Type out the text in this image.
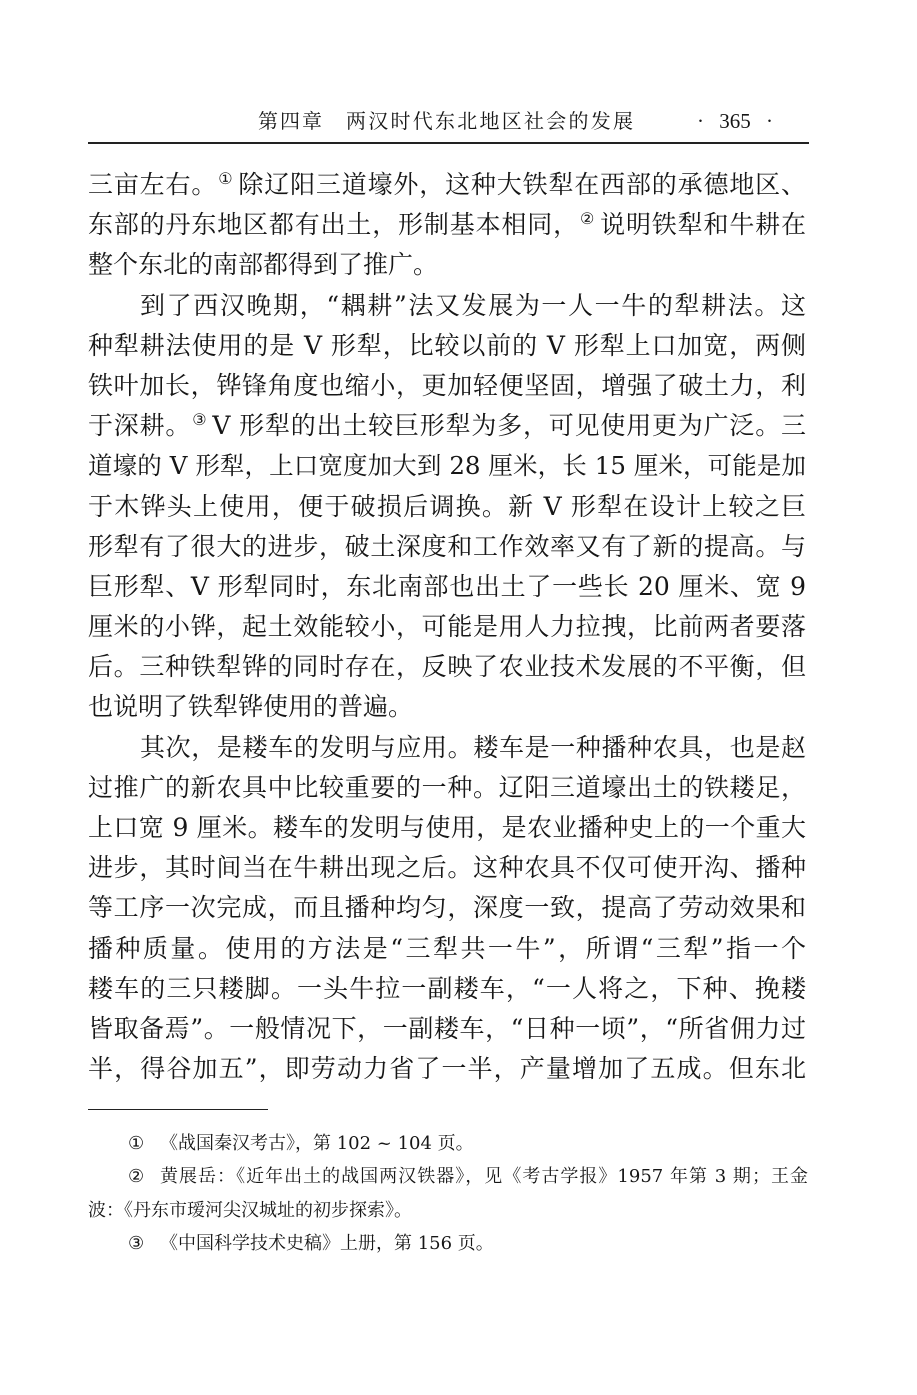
第四章 两汉时代东北地区社会的发展	· 365 ·
三亩左右。① 除辽阳三道壕外，这种大铁犁在西部的承德地区、
东部的丹东地区都有出土，形制基本相同，② 说明铁犁和牛耕在
整个东北的南部都得到了推广。
到了西汉晚期，“耦耕”法又发展为一人一牛的犁耕法。这
种犁耕法使用的是 V 形犁，比较以前的 V 形犁上口加宽，两侧
铁叶加长，铧锋角度也缩小，更加轻便坚固，增强了破土力，利
于深耕。③ V 形犁的出土较巨形犁为多，可见使用更为广泛。三
道壕的 V 形犁，上口宽度加大到 28 厘米，长 15 厘米，可能是加
于木铧头上使用，便于破损后调换。新 V 形犁在设计上较之巨
形犁有了很大的进步，破土深度和工作效率又有了新的提高。与
巨形犁、V 形犁同时，东北南部也出土了一些长 20 厘米、宽 9
厘米的小铧，起土效能较小，可能是用人力拉拽，比前两者要落
后。三种铁犁铧的同时存在，反映了农业技术发展的不平衡，但
也说明了铁犁铧使用的普遍。
其次，是耧车的发明与应用。耧车是一种播种农具，也是赵
过推广的新农具中比较重要的一种。辽阳三道壕出土的铁耧足，
上口宽 9 厘米。耧车的发明与使用，是农业播种史上的一个重大
进步，其时间当在牛耕出现之后。这种农具不仅可使开沟、播种
等工序一次完成，而且播种均匀，深度一致，提高了劳动效果和
播种质量。使用的方法是“三犁共一牛”，所谓“三犁”指一个
耧车的三只耧脚。一头牛拉一副耧车，“一人将之，下种、挽耧
皆取备焉”。一般情况下，一副耧车，“日种一顷”，“所省佣力过
半，得谷加五”，即劳动力省了一半，产量增加了五成。但东北
① 《战国秦汉考古》，第 102 ~ 104 页。
② 黄展岳：《近年出土的战国两汉铁器》，见《考古学报》1957 年第 3 期；王金
波：《丹东市瑷河尖汉城址的初步探索》。
③ 《中国科学技术史稿》上册，第 156 页。
